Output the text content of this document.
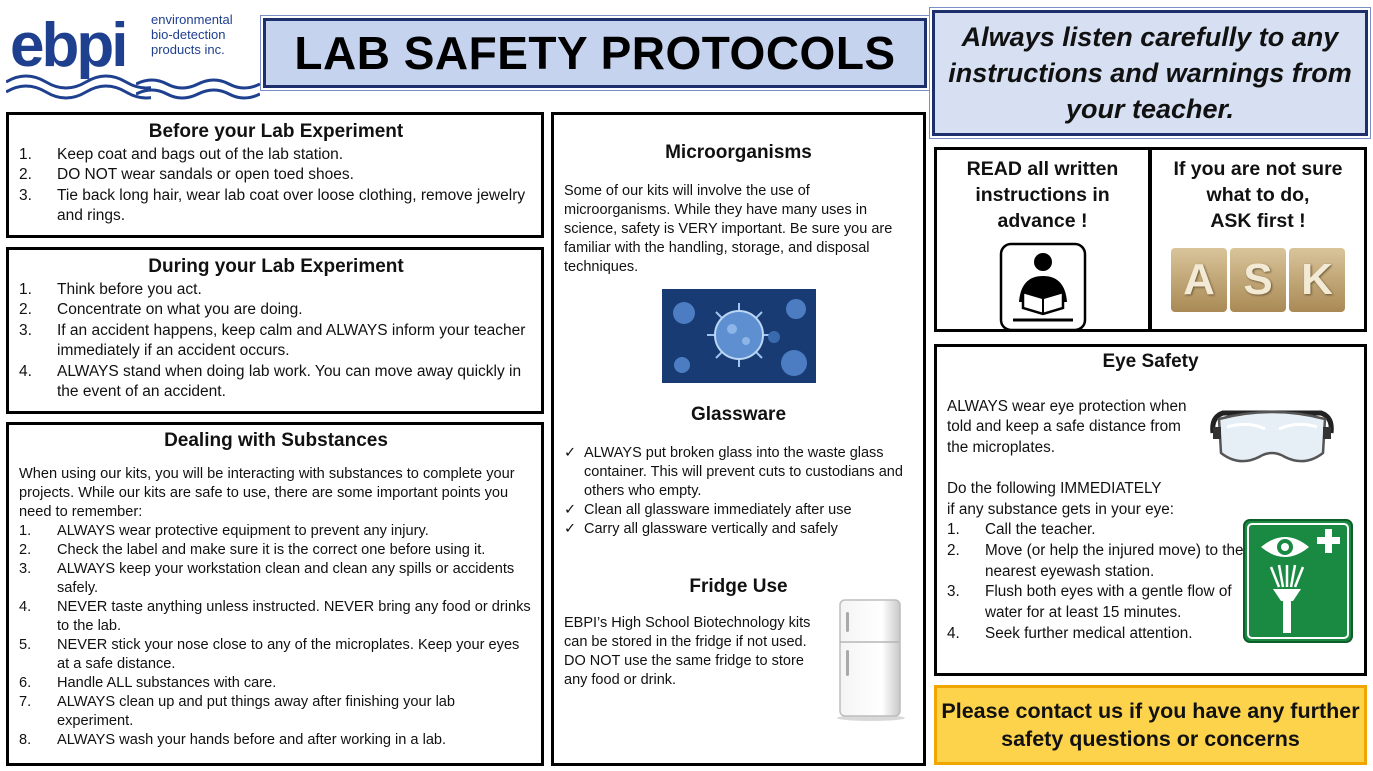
ebpi environmental
bio-detection
products inc. LAB SAFETY PROTOCOLS	Always listen carefully to any instructions and warnings from your teacher.

Before your Lab Experiment
1. Keep coat and bags out of the lab station.
2. DO NOT wear sandals or open toed shoes.
3. Tie back long hair, wear lab coat over loose clothing, remove jewelry and rings.
During your Lab Experiment
1. Think before you act.
2. Concentrate on what you are doing.
3. If an accident happens, keep calm and ALWAYS inform your teacher immediately if an accident occurs.
4. ALWAYS stand when doing lab work. You can move away quickly in the event of an accident.
Dealing with Substances

When using our kits, you will be interacting with substances to complete your projects. While our kits are safe to use, there are some important points you need to remember:

1. ALWAYS wear protective equipment to prevent any injury.
2. Check the label and make sure it is the correct one before using it.
3. ALWAYS keep your workstation clean and clean any spills or accidents safely.
4. NEVER taste anything unless instructed. NEVER bring any food or drinks to the lab.
5. NEVER stick your nose close to any of the microplates. Keep your eyes at a safe distance.
6. Handle ALL substances with care.
7. ALWAYS clean up and put things away after finishing your lab experiment.
8. ALWAYS wash your hands before and after working in a lab.
Microorganisms

Some of our kits will involve the use of microorganisms. While they have many uses in science, safety is VERY important. Be sure you are familiar with the handling, storage, and disposal techniques.

Glassware
✓ ALWAYS put broken glass into the waste glass container. This will prevent cuts to custodians and others who empty.
✓ Clean all glassware immediately after use
✓ Carry all glassware vertically and safely
Fridge Use

EBPI’s High School Biotechnology kits can be stored in the fridge if not used. DO NOT use the same fridge to store any food or drink.

READ all written
instructions in
advance !
If you are not sure
what to do,
ASK first !
A S K
Eye Safety

ALWAYS wear eye protection when told and keep a safe distance from the microplates.

Do the following IMMEDIATELY

if any substance gets in your eye:

1. Call the teacher.
2. Move (or help the injured move) to the nearest eyewash station.
3. Flush both eyes with a gentle flow of water for at least 15 minutes.
4. Seek further medical attention.

Please contact us if you have any further safety questions or concerns
